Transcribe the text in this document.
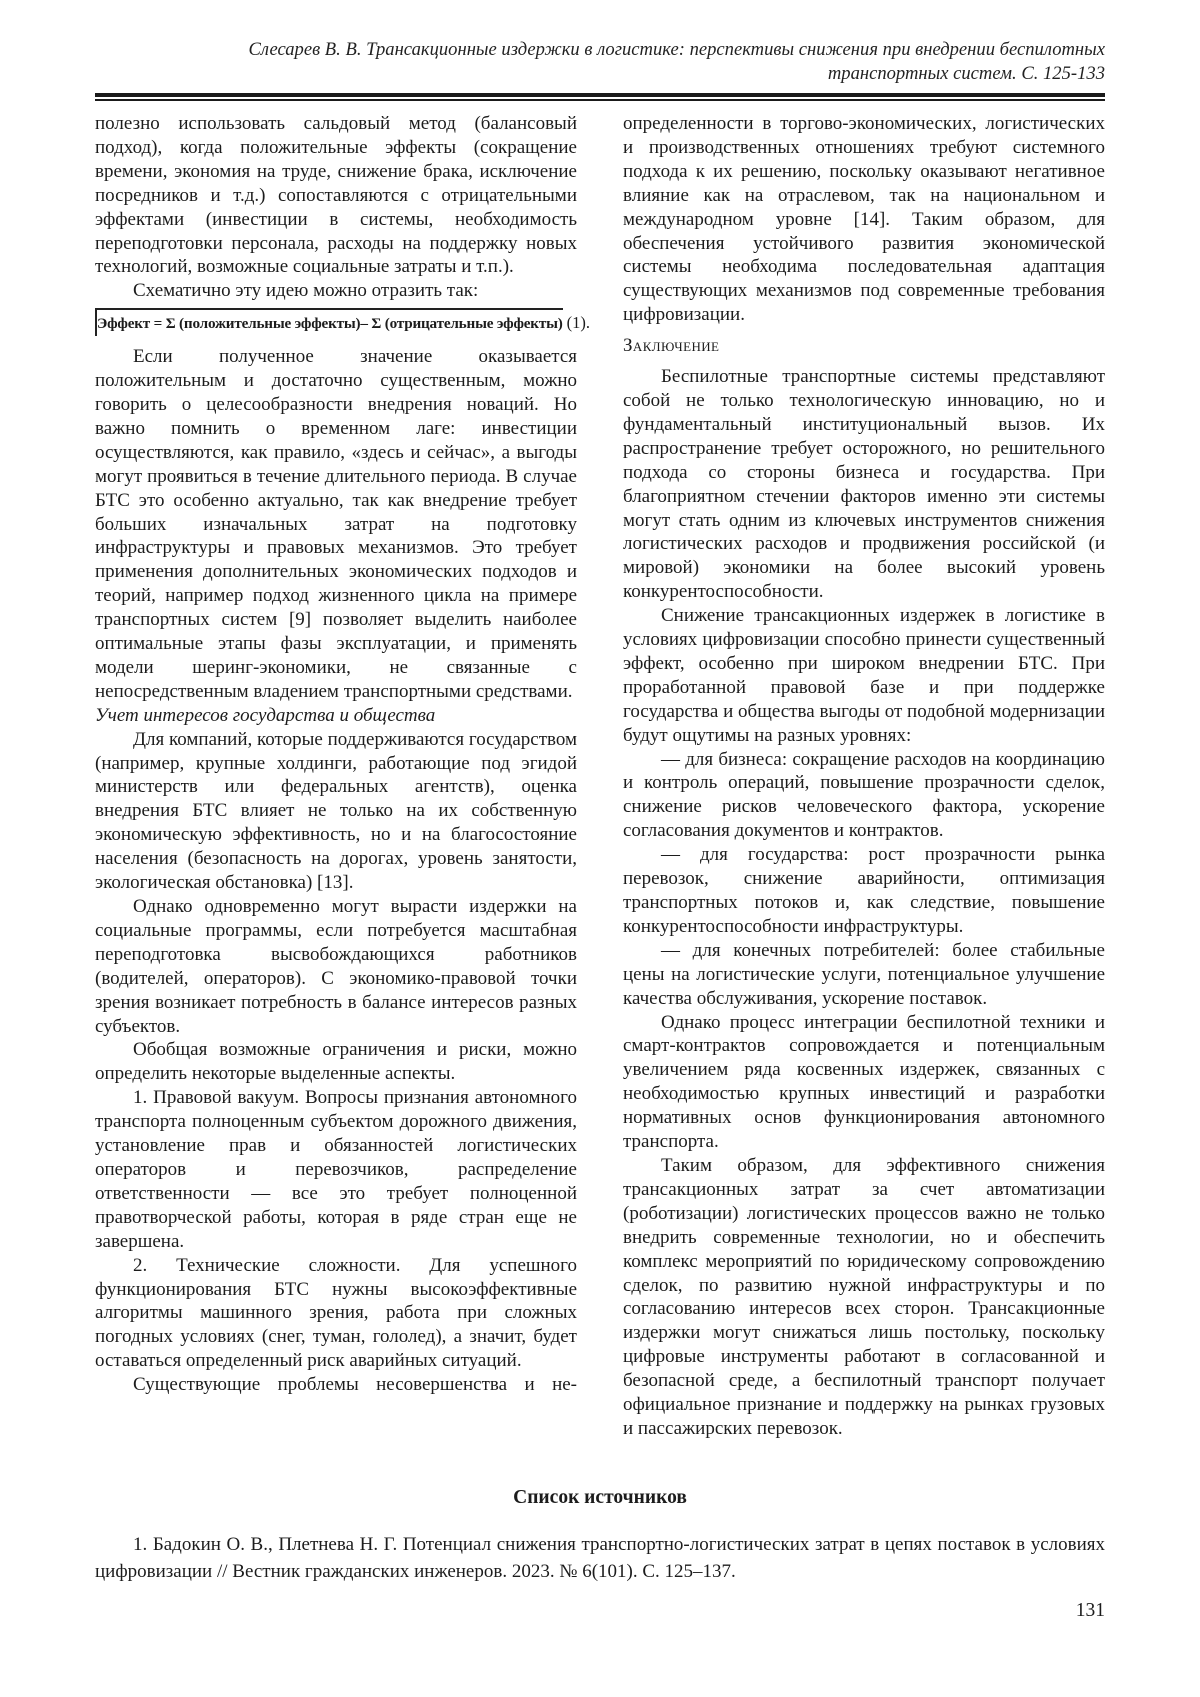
Слесарев В. В. Трансакционные издержки в логистике: перспективы снижения при внедрении беспилотных
транспортных систем. С. 125-133

полезно использовать сальдовый метод (балансовый подход), когда положительные эффекты (сокращение времени, экономия на труде, снижение брака, исключение посредников и т.д.) сопоставляются с отрицательными эффектами (инвестиции в системы, необходимость переподготовки персонала, расходы на поддержку новых технологий, возможные социальные затраты и т.п.).

Схематично эту идею можно отразить так:

Эффект = Σ (положительные эффекты)– Σ (отрицательные эффекты) (1).

Если полученное значение оказывается положительным и достаточно существенным, можно говорить о целесообразности внедрения новаций. Но важно помнить о временном лаге: инвестиции осуществляются, как правило, «здесь и сейчас», а выгоды могут проявиться в течение длительного периода. В случае БТС это особенно актуально, так как внедрение требует больших изначальных затрат на подготовку инфраструктуры и правовых механизмов. Это требует применения дополнительных экономических подходов и теорий, например подход жизненного цикла на примере транспортных систем [9] позволяет выделить наиболее оптимальные этапы фазы эксплуатации, и применять модели шеринг-экономики, не связанные с непосредственным владением транспортными средствами.

Учет интересов государства и общества

Для компаний, которые поддерживаются государством (например, крупные холдинги, работающие под эгидой министерств или федеральных агентств), оценка внедрения БТС влияет не только на их собственную экономическую эффективность, но и на благосостояние населения (безопасность на дорогах, уровень занятости, экологическая обстановка) [13].

Однако одновременно могут вырасти издержки на социальные программы, если потребуется масштабная переподготовка высвобождающихся работников (водителей, операторов). С экономико-правовой точки зрения возникает потребность в балансе интересов разных субъектов.

Обобщая возможные ограничения и риски, можно определить некоторые выделенные аспекты.

1. Правовой вакуум. Вопросы признания автономного транспорта полноценным субъектом дорожного движения, установление прав и обязанностей логистических операторов и перевозчиков, распределение ответственности — все это требует полноценной правотворческой работы, которая в ряде стран еще не завершена.

2. Технические сложности. Для успешного функционирования БТС нужны высокоэффективные алгоритмы машинного зрения, работа при сложных погодных условиях (снег, туман, гололед), а значит, будет оставаться определенный риск аварийных ситуаций.

Существующие проблемы несовершенства и не-

определенности в торгово-экономических, логистических и производственных отношениях требуют системного подхода к их решению, поскольку оказывают негативное влияние как на отраслевом, так на национальном и международном уровне [14]. Таким образом, для обеспечения устойчивого развития экономической системы необходима последовательная адаптация существующих механизмов под современные требования цифровизации.

Заключение

Беспилотные транспортные системы представляют собой не только технологическую инновацию, но и фундаментальный институциональный вызов. Их распространение требует осторожного, но решительного подхода со стороны бизнеса и государства. При благоприятном стечении факторов именно эти системы могут стать одним из ключевых инструментов снижения логистических расходов и продвижения российской (и мировой) экономики на более высокий уровень конкурентоспособности.

Снижение трансакционных издержек в логистике в условиях цифровизации способно принести существенный эффект, особенно при широком внедрении БТС. При проработанной правовой базе и при поддержке государства и общества выгоды от подобной модернизации будут ощутимы на разных уровнях:

— для бизнеса: сокращение расходов на координацию и контроль операций, повышение прозрачности сделок, снижение рисков человеческого фактора, ускорение согласования документов и контрактов.

— для государства: рост прозрачности рынка перевозок, снижение аварийности, оптимизация транспортных потоков и, как следствие, повышение конкурентоспособности инфраструктуры.

— для конечных потребителей: более стабильные цены на логистические услуги, потенциальное улучшение качества обслуживания, ускорение поставок.

Однако процесс интеграции беспилотной техники и смарт-контрактов сопровождается и потенциальным увеличением ряда косвенных издержек, связанных с необходимостью крупных инвестиций и разработки нормативных основ функционирования автономного транспорта.

Таким образом, для эффективного снижения трансакционных затрат за счет автоматизации (роботизации) логистических процессов важно не только внедрить современные технологии, но и обеспечить комплекс мероприятий по юридическому сопровождению сделок, по развитию нужной инфраструктуры и по согласованию интересов всех сторон. Трансакционные издержки могут снижаться лишь постольку, поскольку цифровые инструменты работают в согласованной и безопасной среде, а беспилотный транспорт получает официальное признание и поддержку на рынках грузовых и пассажирских перевозок.

Список источников

1. Бадокин О. В., Плетнева Н. Г. Потенциал снижения транспортно-логистических затрат в цепях поставок в условиях цифровизации // Вестник гражданских инженеров. 2023. № 6(101). С. 125–137.

131
